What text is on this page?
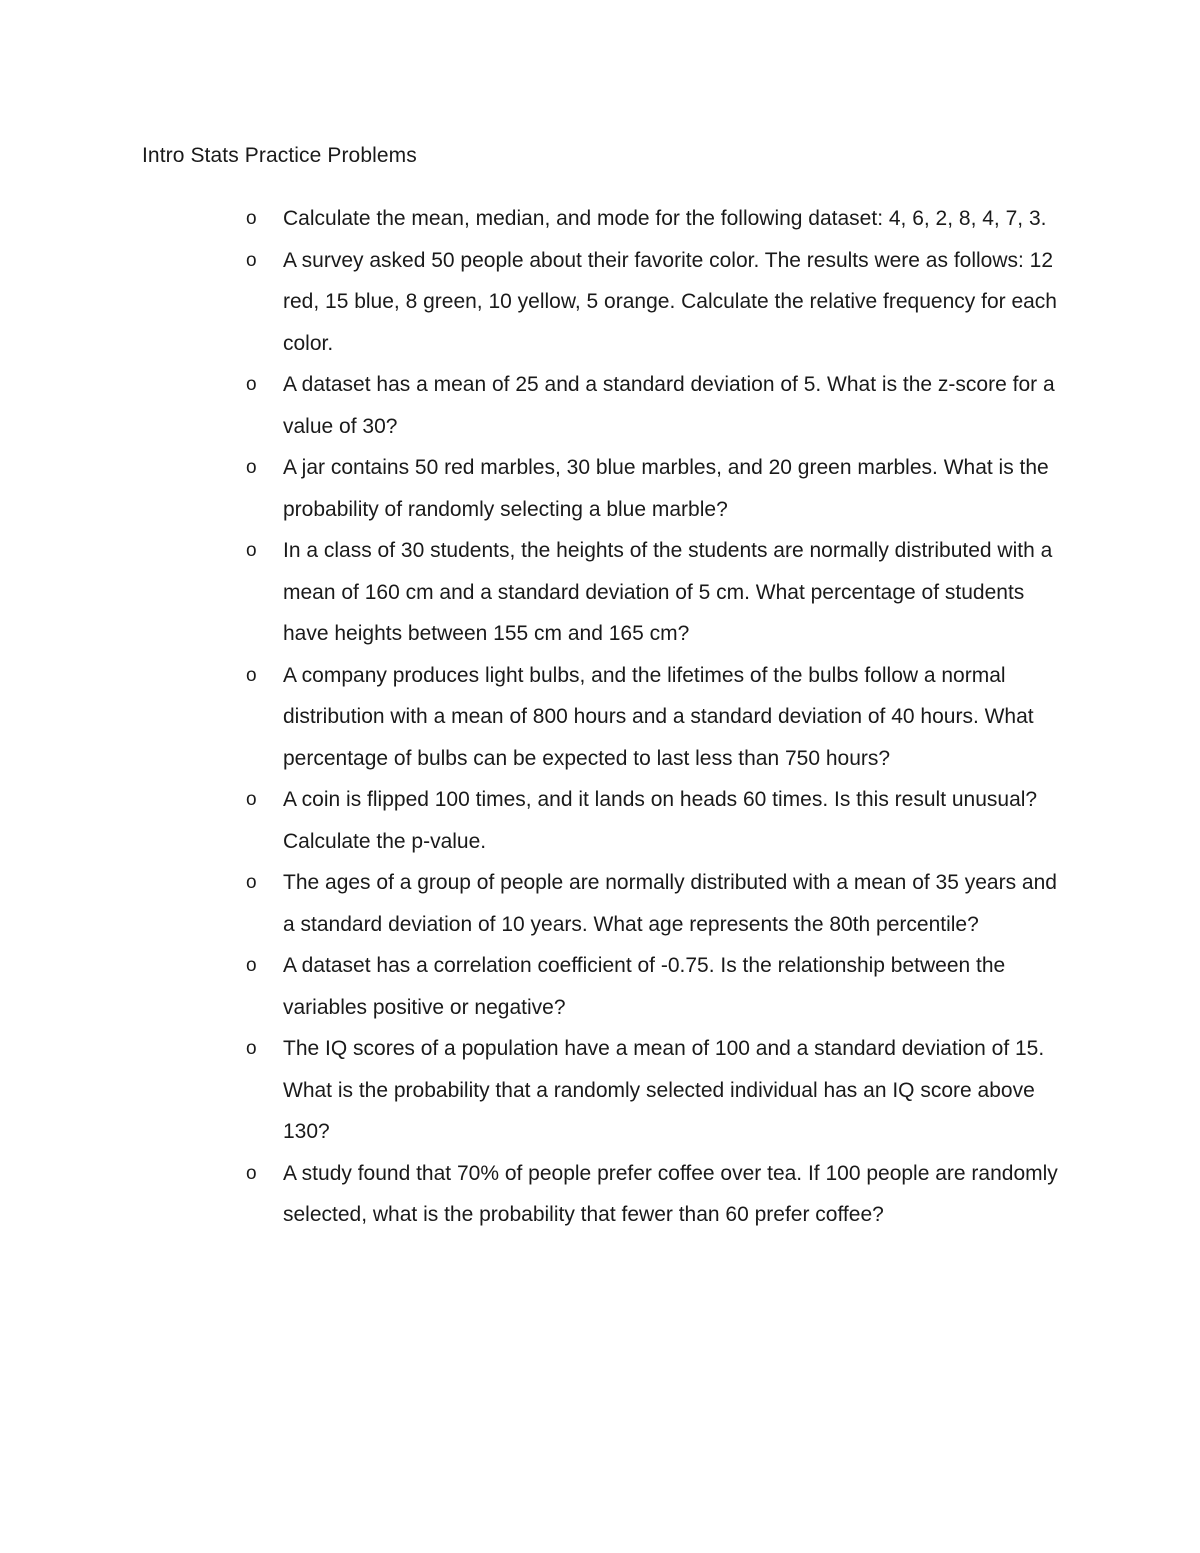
Intro Stats Practice Problems
o	Calculate the mean, median, and mode for the following dataset: 4, 6, 2, 8, 4, 7, 3.
o	A survey asked 50 people about their favorite color. The results were as follows: 12 red, 15 blue, 8 green, 10 yellow, 5 orange. Calculate the relative frequency for each color.
o	A dataset has a mean of 25 and a standard deviation of 5. What is the z-score for a value of 30?
o	A jar contains 50 red marbles, 30 blue marbles, and 20 green marbles. What is the probability of randomly selecting a blue marble?
o	In a class of 30 students, the heights of the students are normally distributed with a mean of 160 cm and a standard deviation of 5 cm. What percentage of students have heights between 155 cm and 165 cm?
o	A company produces light bulbs, and the lifetimes of the bulbs follow a normal distribution with a mean of 800 hours and a standard deviation of 40 hours. What percentage of bulbs can be expected to last less than 750 hours?
o	A coin is flipped 100 times, and it lands on heads 60 times. Is this result unusual? Calculate the p-value.
o	The ages of a group of people are normally distributed with a mean of 35 years and a standard deviation of 10 years. What age represents the 80th percentile?
o	A dataset has a correlation coefficient of -0.75. Is the relationship between the variables positive or negative?
o	The IQ scores of a population have a mean of 100 and a standard deviation of 15. What is the probability that a randomly selected individual has an IQ score above 130?
o	A study found that 70% of people prefer coffee over tea. If 100 people are randomly selected, what is the probability that fewer than 60 prefer coffee?
